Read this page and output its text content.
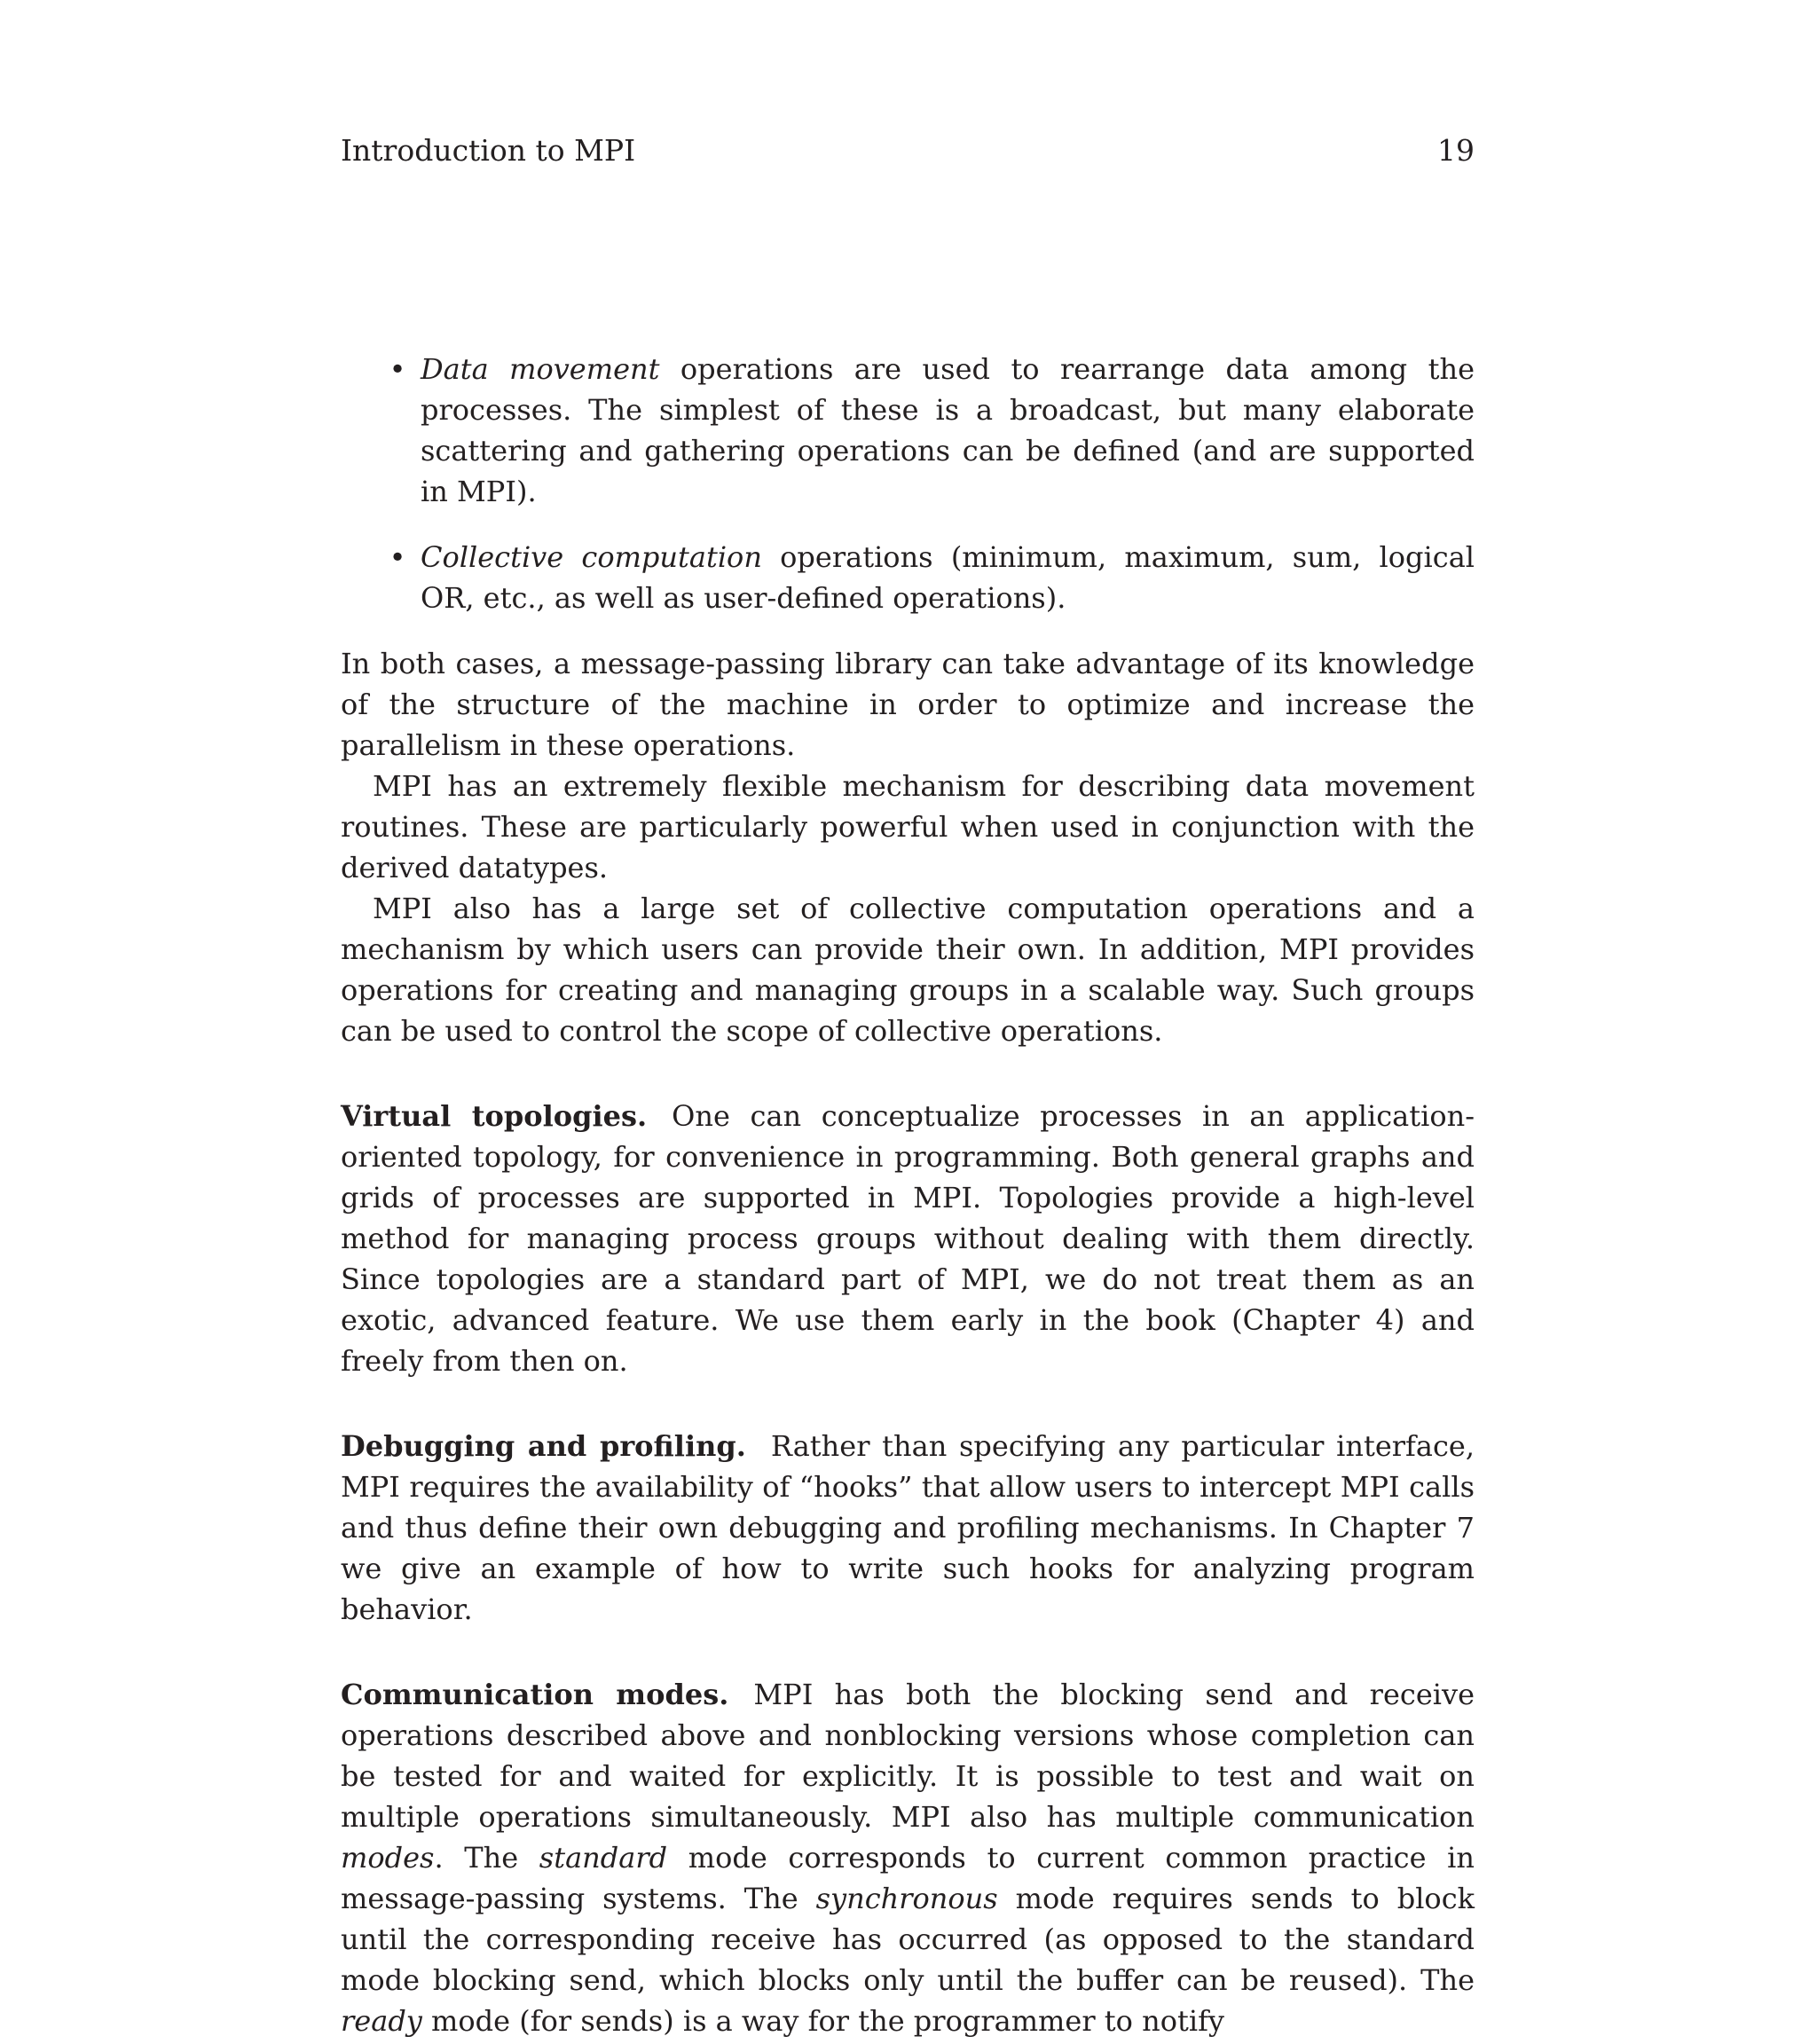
Introduction to MPI	19
• Data movement operations are used to rearrange data among the processes. The simplest of these is a broadcast, but many elaborate scattering and gathering operations can be defined (and are supported in MPI).
• Collective computation operations (minimum, maximum, sum, logical OR, etc., as well as user-defined operations).

In both cases, a message-passing library can take advantage of its knowledge of the structure of the machine in order to optimize and increase the parallelism in these operations.

MPI has an extremely flexible mechanism for describing data movement routines. These are particularly powerful when used in conjunction with the derived datatypes.

MPI also has a large set of collective computation operations and a mechanism by which users can provide their own. In addition, MPI provides operations for creating and managing groups in a scalable way. Such groups can be used to control the scope of collective operations.

Virtual topologies. One can conceptualize processes in an application-oriented topology, for convenience in programming. Both general graphs and grids of processes are supported in MPI. Topologies provide a high-level method for managing process groups without dealing with them directly. Since topologies are a standard part of MPI, we do not treat them as an exotic, advanced feature. We use them early in the book (Chapter 4) and freely from then on.

Debugging and profiling. Rather than specifying any particular interface, MPI requires the availability of “hooks” that allow users to intercept MPI calls and thus define their own debugging and profiling mechanisms. In Chapter 7 we give an example of how to write such hooks for analyzing program behavior.

Communication modes. MPI has both the blocking send and receive operations described above and nonblocking versions whose completion can be tested for and waited for explicitly. It is possible to test and wait on multiple operations simultaneously. MPI also has multiple communication modes. The standard mode corresponds to current common practice in message-passing systems. The synchronous mode requires sends to block until the corresponding receive has occurred (as opposed to the standard mode blocking send, which blocks only until the buffer can be reused). The ready mode (for sends) is a way for the programmer to notify
